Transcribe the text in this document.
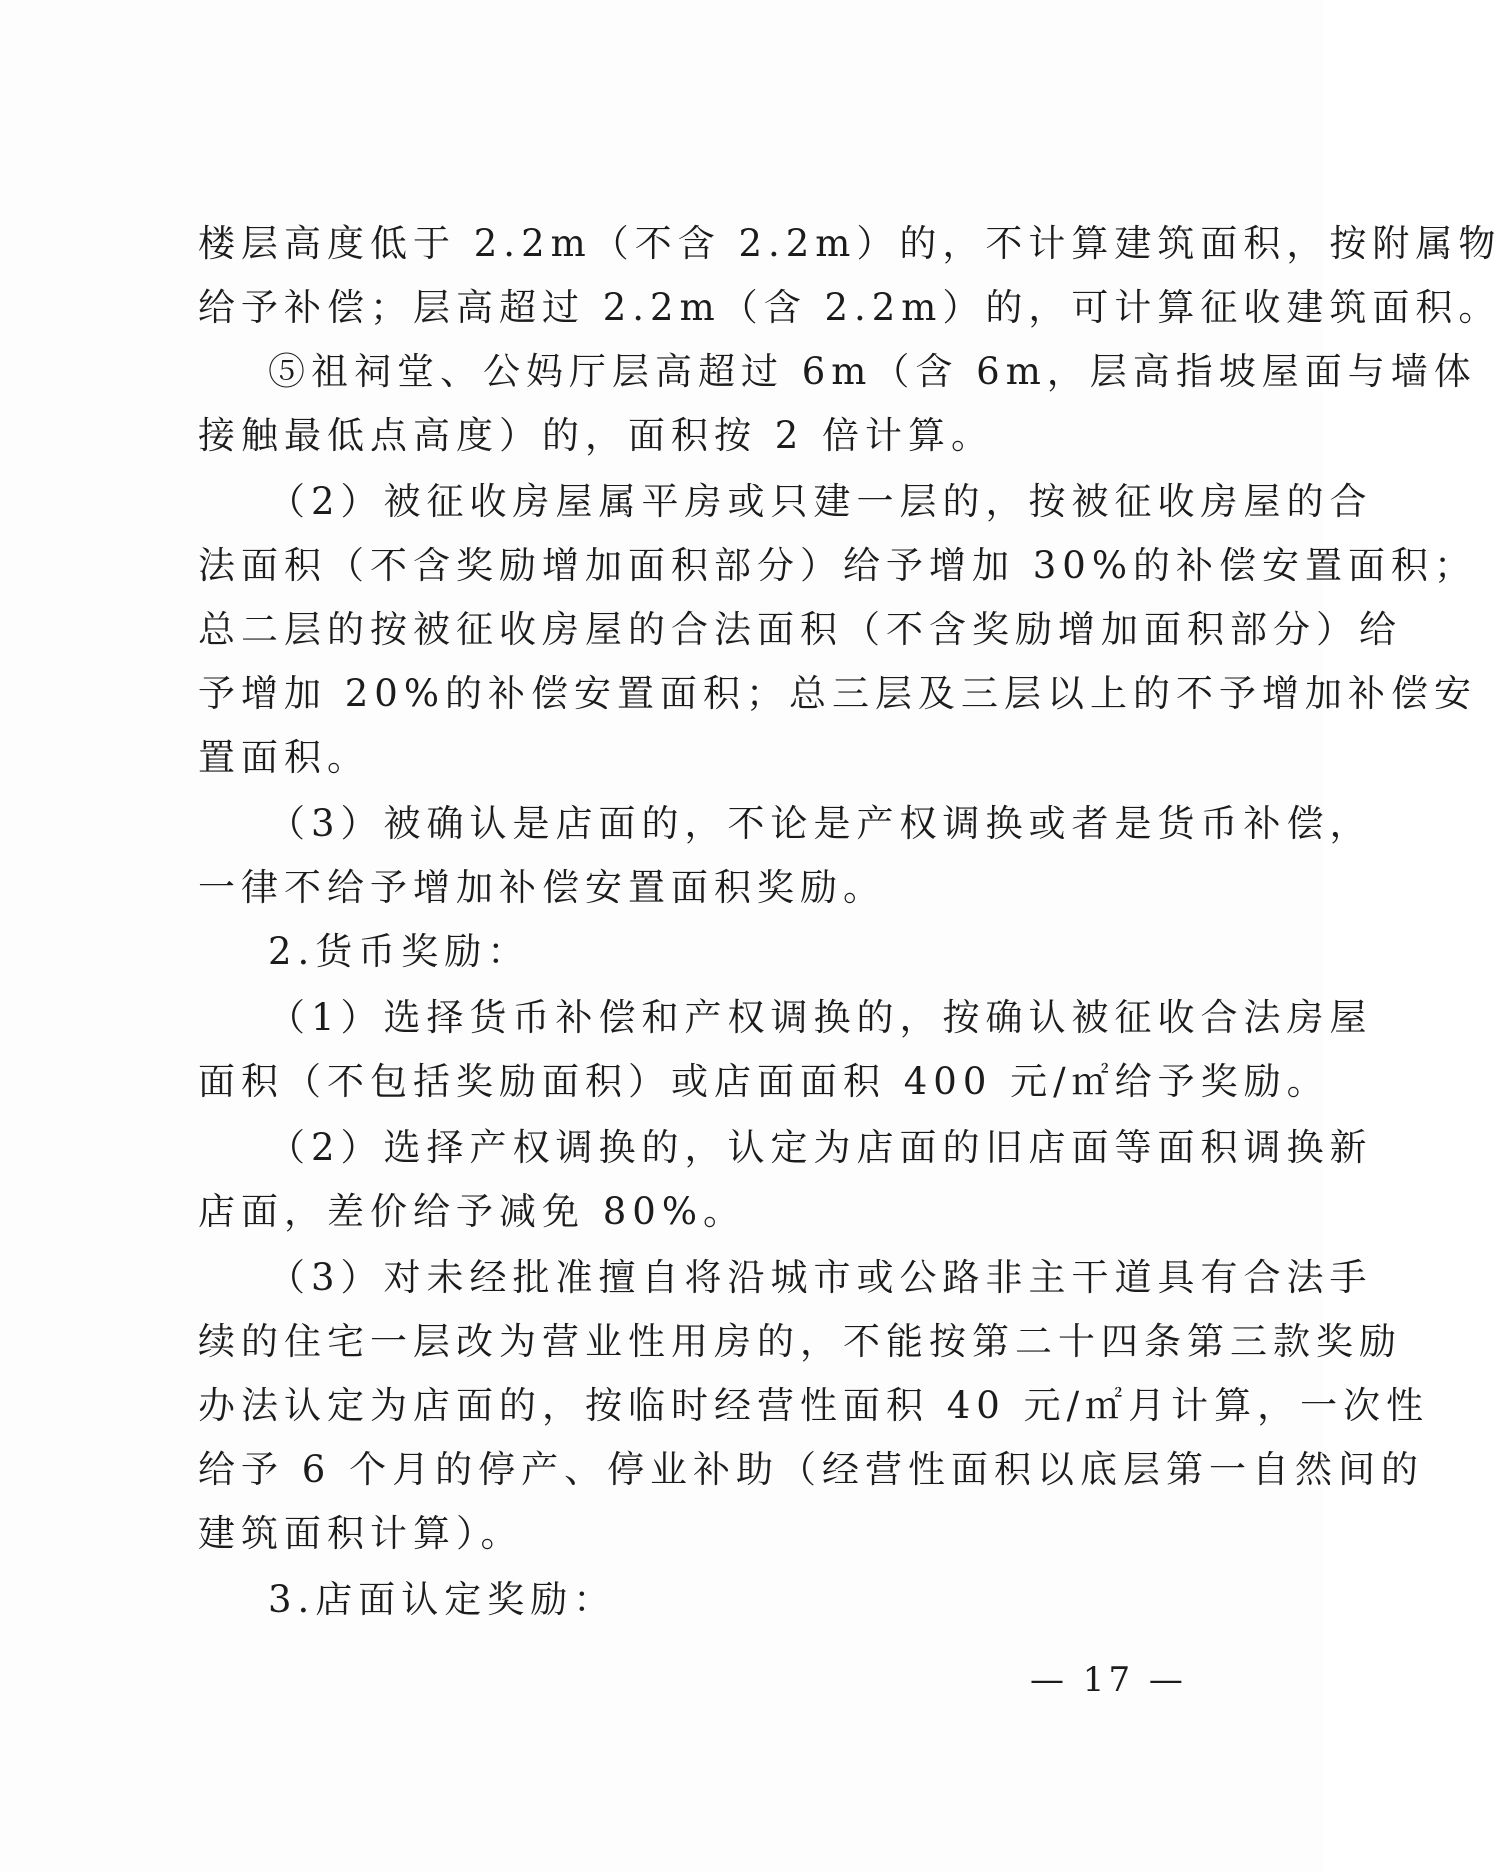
楼层高度低于 2.2m（不含 2.2m）的，不计算建筑面积，按附属物
给予补偿；层高超过 2.2m（含 2.2m）的，可计算征收建筑面积。
⑤祖祠堂、公妈厅层高超过 6m（含 6m，层高指坡屋面与墙体
接触最低点高度）的，面积按 2 倍计算。
（2）被征收房屋属平房或只建一层的，按被征收房屋的合
法面积（不含奖励增加面积部分）给予增加 30%的补偿安置面积；
总二层的按被征收房屋的合法面积（不含奖励增加面积部分）给
予增加 20%的补偿安置面积；总三层及三层以上的不予增加补偿安
置面积。
（3）被确认是店面的，不论是产权调换或者是货币补偿，
一律不给予增加补偿安置面积奖励。
2.货币奖励：
（1）选择货币补偿和产权调换的，按确认被征收合法房屋
面积（不包括奖励面积）或店面面积 400 元/㎡给予奖励。
（2）选择产权调换的，认定为店面的旧店面等面积调换新
店面，差价给予减免 80%。
（3）对未经批准擅自将沿城市或公路非主干道具有合法手
续的住宅一层改为营业性用房的，不能按第二十四条第三款奖励
办法认定为店面的，按临时经营性面积 40 元/㎡月计算，一次性
给予 6 个月的停产、停业补助（经营性面积以底层第一自然间的
建筑面积计算）。
3.店面认定奖励：
— 17 —
